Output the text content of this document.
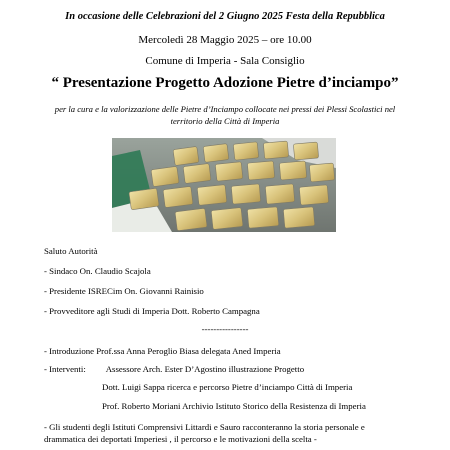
In occasione delle Celebrazioni del 2 Giugno 2025 Festa della Repubblica
Mercoledì 28 Maggio 2025 – ore 10.00
Comune di Imperia - Sala Consiglio
“ Presentazione Progetto Adozione Pietre d’inciampo”
per la cura e la valorizzazione delle Pietre d’Inciampo collocate nei pressi dei Plessi Scolastici nel
territorio della Città di Imperia
Saluto Autorità
- Sindaco On. Claudio Scajola
- Presidente ISRECim On. Giovanni Rainisio
- Provveditore agli Studi di Imperia Dott. Roberto Campagna
----------------
- Introduzione Prof.ssa Anna Peroglio Biasa delegata Aned Imperia
- Interventi: Assessore Arch. Ester D’Agostino illustrazione Progetto
Dott. Luigi Sappa ricerca e percorso Pietre d’inciampo Città di Imperia
Prof. Roberto Moriani Archivio Istituto Storico della Resistenza di Imperia
- Gli studenti degli Istituti Comprensivi Littardi e Sauro racconteranno la storia personale e
drammatica dei deportati Imperiesi , il percorso e le motivazioni della scelta -
